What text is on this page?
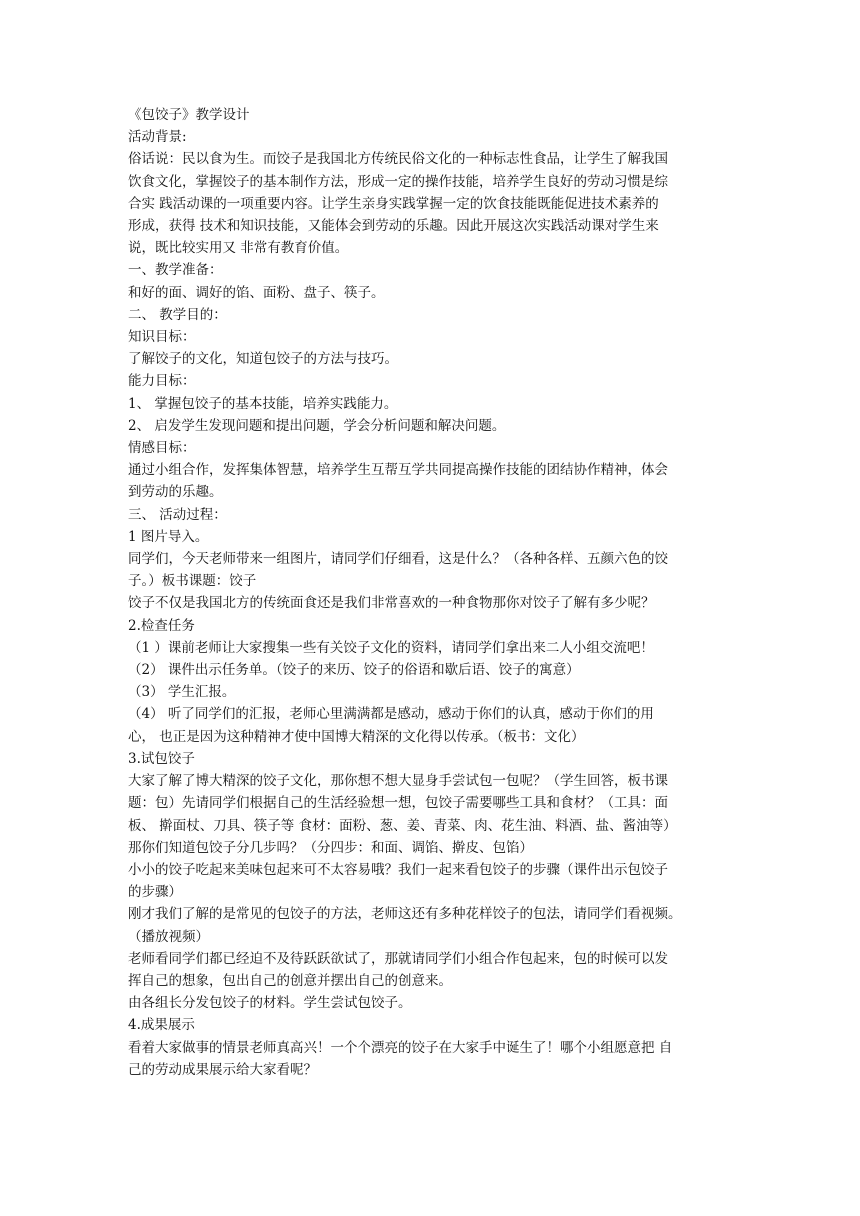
《包饺子》教学设计
活动背景:
俗话说：民以食为生。而饺子是我国北方传统民俗文化的一种标志性食品，让学生了解我国
饮食文化，掌握饺子的基本制作方法，形成一定的操作技能，培养学生良好的劳动习惯是综
合实 践活动课的一项重要内容。让学生亲身实践掌握一定的饮食技能既能促进技术素养的
形成，获得 技术和知识技能，又能体会到劳动的乐趣。因此开展这次实践活动课对学生来
说，既比较实用又 非常有教育价值。
一、教学准备：
和好的面、调好的馅、面粉、盘子、筷子。
二、 教学目的：
知识目标：
了解饺子的文化，知道包饺子的方法与技巧。
能力目标：
1、 掌握包饺子的基本技能，培养实践能力。
2、 启发学生发现问题和提出问题，学会分析问题和解决问题。
情感目标：
通过小组合作，发挥集体智慧，培养学生互帮互学共同提高操作技能的团结协作精神，体会
到劳动的乐趣。
三、 活动过程：
1 图片导入。
同学们，今天老师带来一组图片，请同学们仔细看，这是什么？（各种各样、五颜六色的饺
子。）板书课题：饺子
饺子不仅是我国北方的传统面食还是我们非常喜欢的一种食物那你对饺子了解有多少呢？
2.检查任务
（1 ）课前老师让大家搜集一些有关饺子文化的资料，请同学们拿出来二人小组交流吧！
（2） 课件出示任务单。（饺子的来历、饺子的俗语和歇后语、饺子的寓意）
（3） 学生汇报。
（4） 听了同学们的汇报，老师心里满满都是感动，感动于你们的认真，感动于你们的用
心， 也正是因为这种精神才使中国博大精深的文化得以传承。（板书：文化）
3.试包饺子
大家了解了博大精深的饺子文化，那你想不想大显身手尝试包一包呢？（学生回答，板书课
题：包）先请同学们根据自己的生活经验想一想，包饺子需要哪些工具和食材？（工具：面
板、 擀面杖、刀具、筷子等 食材：面粉、葱、姜、青菜、肉、花生油、料酒、盐、酱油等）
那你们知道包饺子分几步吗？（分四步：和面、调馅、擀皮、包馅）
小小的饺子吃起来美味包起来可不太容易哦？我们一起来看包饺子的步骤（课件出示包饺子
的步骤）
刚才我们了解的是常见的包饺子的方法，老师这还有多种花样饺子的包法，请同学们看视频。
（播放视频）
老师看同学们都已经迫不及待跃跃欲试了，那就请同学们小组合作包起来，包的时候可以发
挥自己的想象，包出自己的创意并摆出自己的创意来。
由各组长分发包饺子的材料。学生尝试包饺子。
4.成果展示
看着大家做事的情景老师真高兴！一个个漂亮的饺子在大家手中诞生了！哪个小组愿意把 自
己的劳动成果展示给大家看呢？
